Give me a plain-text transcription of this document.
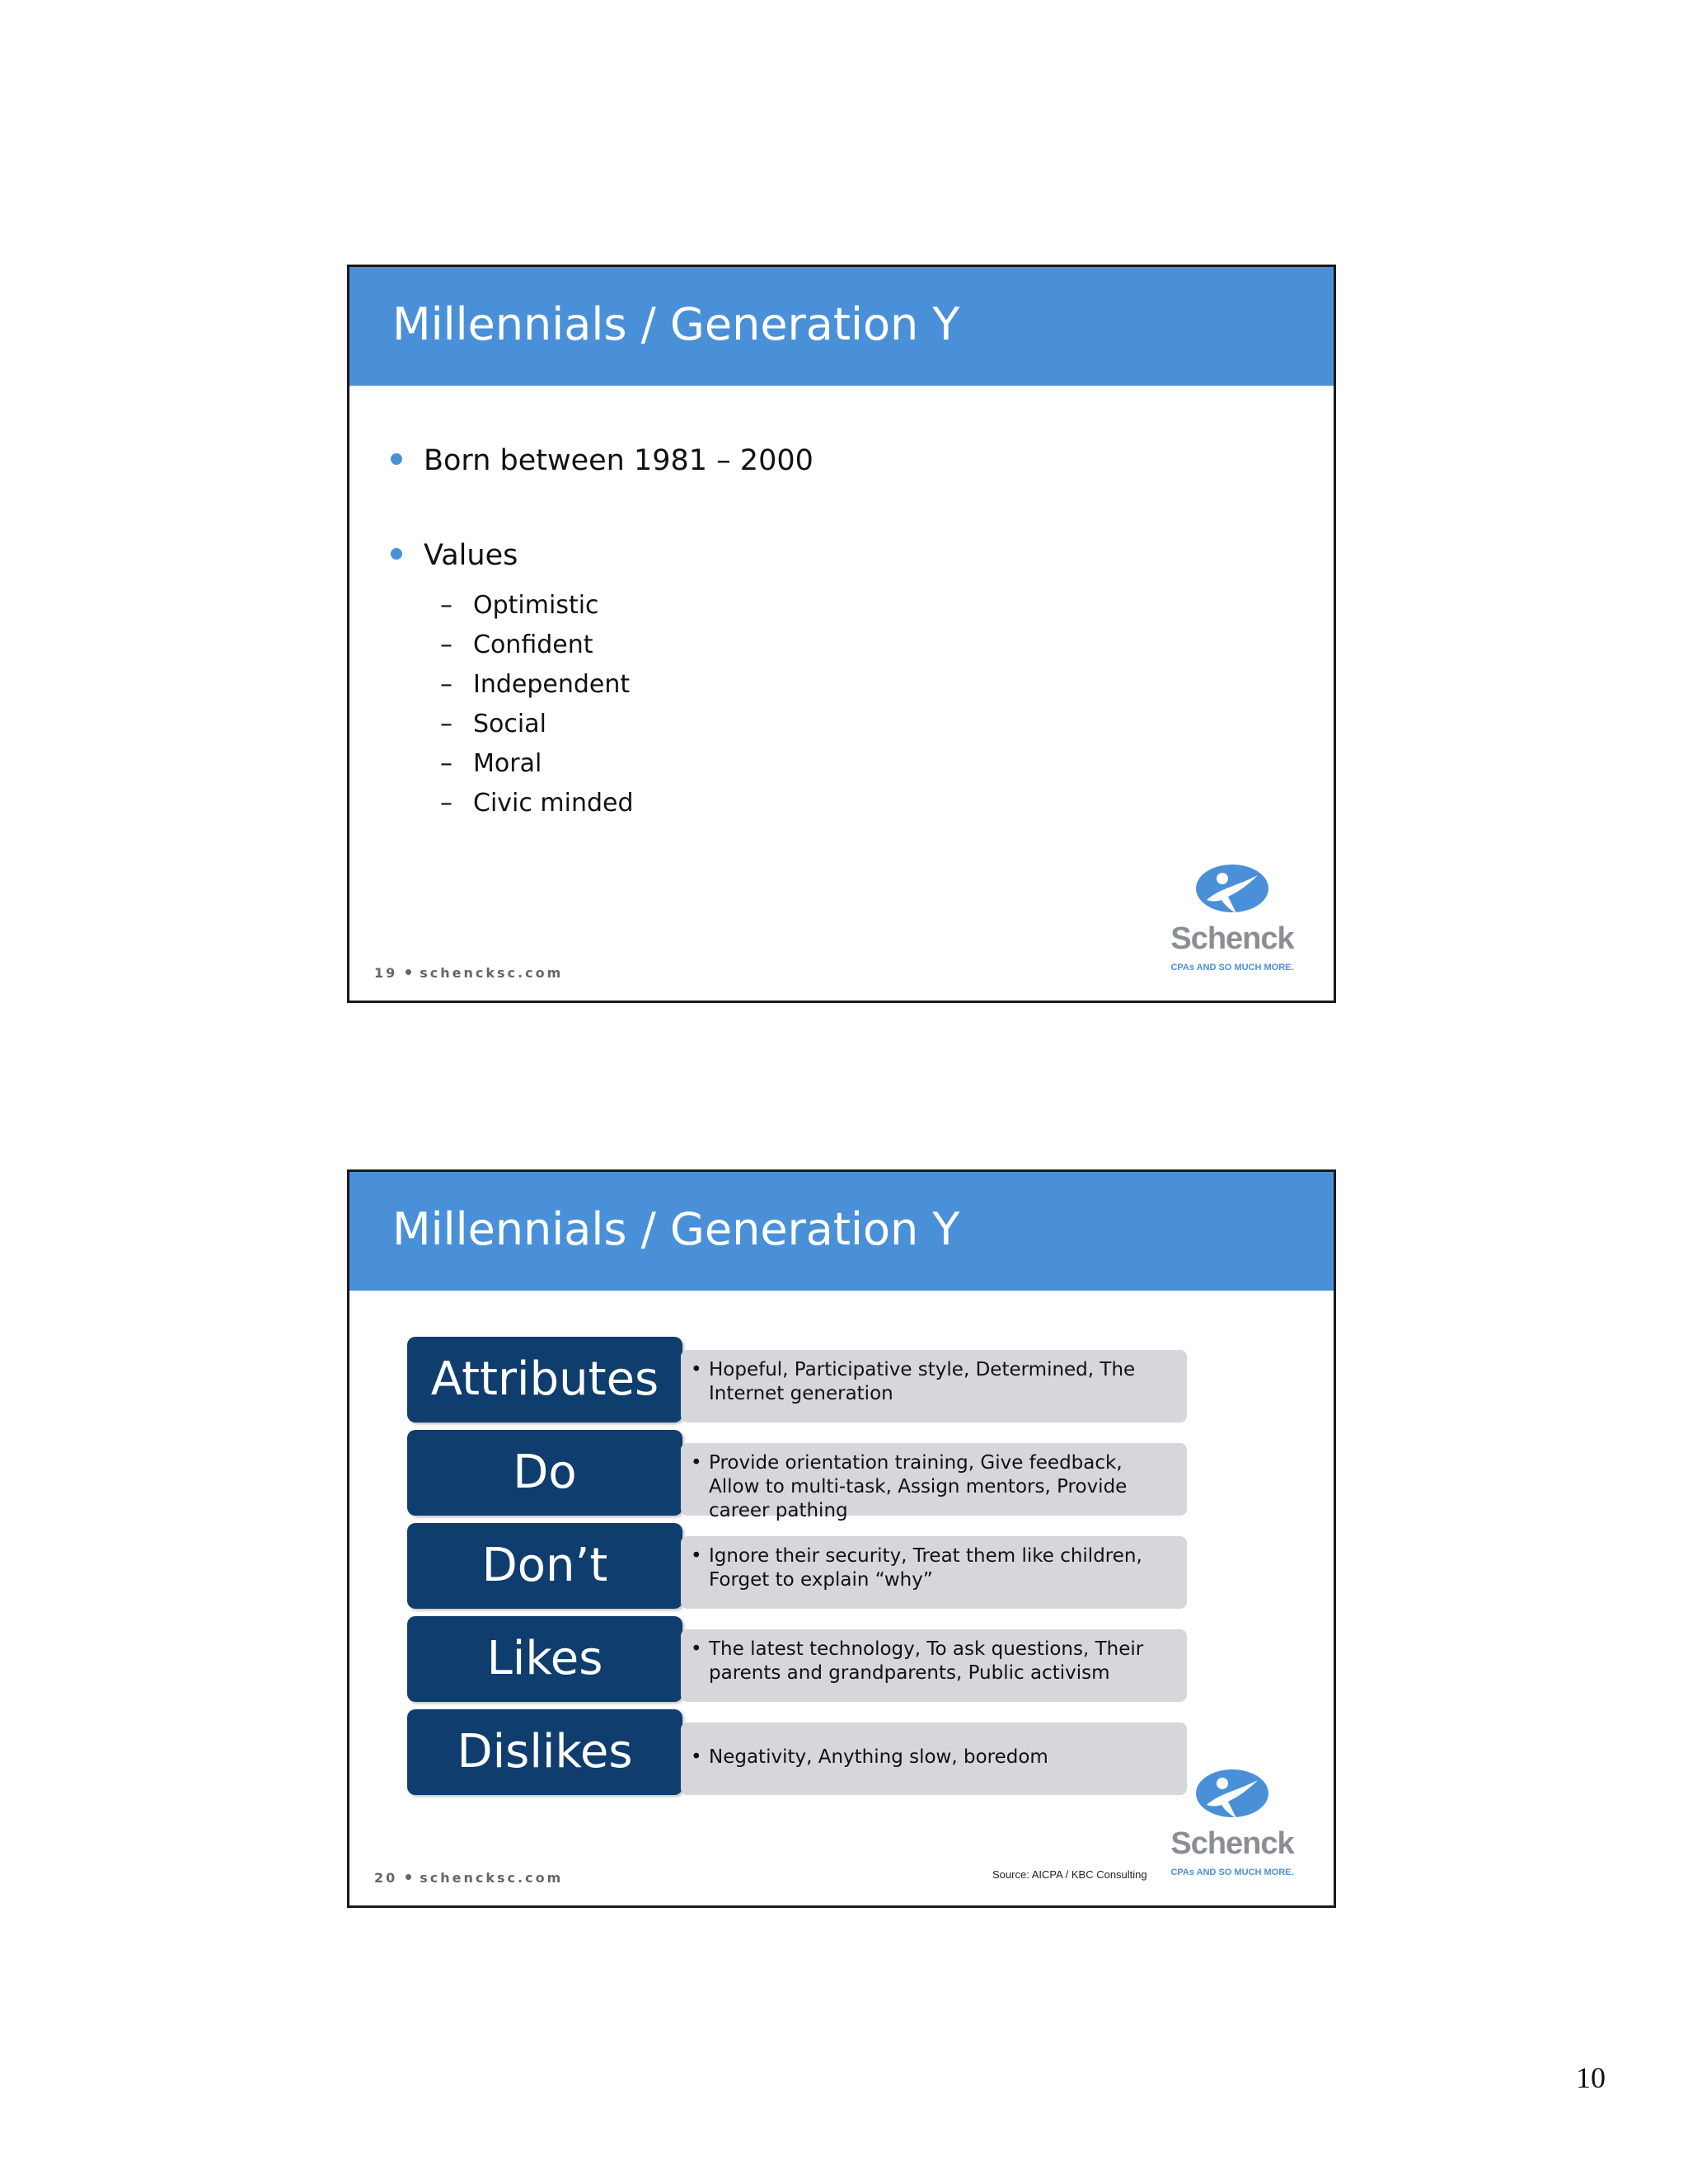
Millennials / Generation Y
Born between 1981 – 2000
Values
– Optimistic
– Confident
– Independent
– Social
– Moral
– Civic minded
Schenck
CPAs AND SO MUCH MORE.
19 schencksc.com
Millennials / Generation Y
Attributes	• Hopeful, Participative style, Determined, The Internet generation
Do	• Provide orientation training, Give feedback, Allow to multi-task, Assign mentors, Provide career pathing
Don’t	• Ignore their security, Treat them like children, Forget to explain “why”
Likes	• The latest technology, To ask questions, Their parents and grandparents, Public activism
Dislikes	• Negativity, Anything slow, boredom
Source: AICPA / KBC Consulting
Schenck
CPAs AND SO MUCH MORE.
20 schencksc.com
10
